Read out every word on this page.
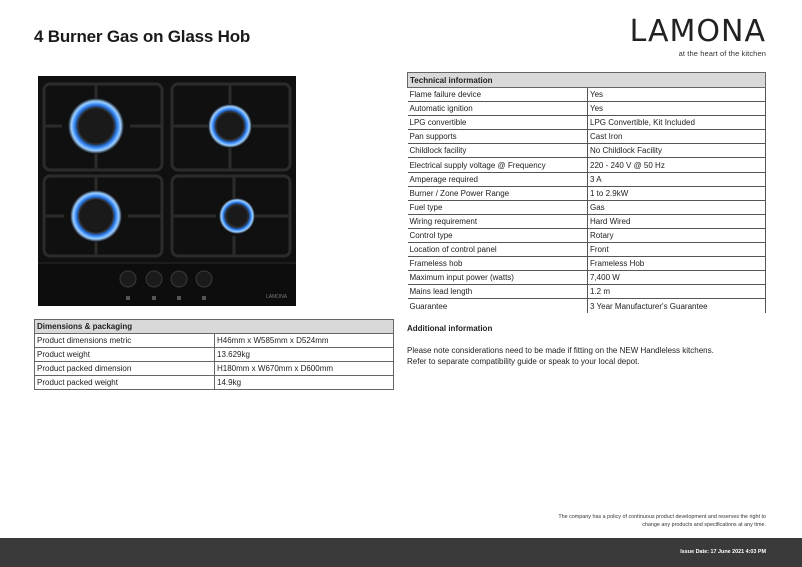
4 Burner Gas on Glass Hob	LAMONA
at the heart of the kitchen
LAMONA
Dimensions & packaging	
Product dimensions metric	H46mm x W585mm x D524mm
Product weight	13.629kg
Product packed dimension	H180mm x W670mm x D600mm
Product packed weight	14.9kg
Technical information	
Flame failure device	Yes
Automatic ignition	Yes
LPG convertible	LPG Convertible, Kit Included
Pan supports	Cast Iron
Childlock facility	No Childlock Facility
Electrical supply voltage @ Frequency	220 - 240 V @ 50 Hz
Amperage required	3 A
Burner / Zone Power Range	1 to 2.9kW
Fuel type	Gas
Wiring requirement	Hard Wired
Control type	Rotary
Location of control panel	Front
Frameless hob	Frameless Hob
Maximum input power (watts)	7,400 W
Mains lead length	1.2 m
Guarantee	3 Year Manufacturer's Guarantee
Additional information
Please note considerations need to be made if fitting on the NEW Handleless kitchens.
Refer to separate compatibility guide or speak to your local depot.
The company has a policy of continuous product development and reserves the right to
change any products and specifications at any time.
Issue Date: 17 June 2021 4:03 PM
